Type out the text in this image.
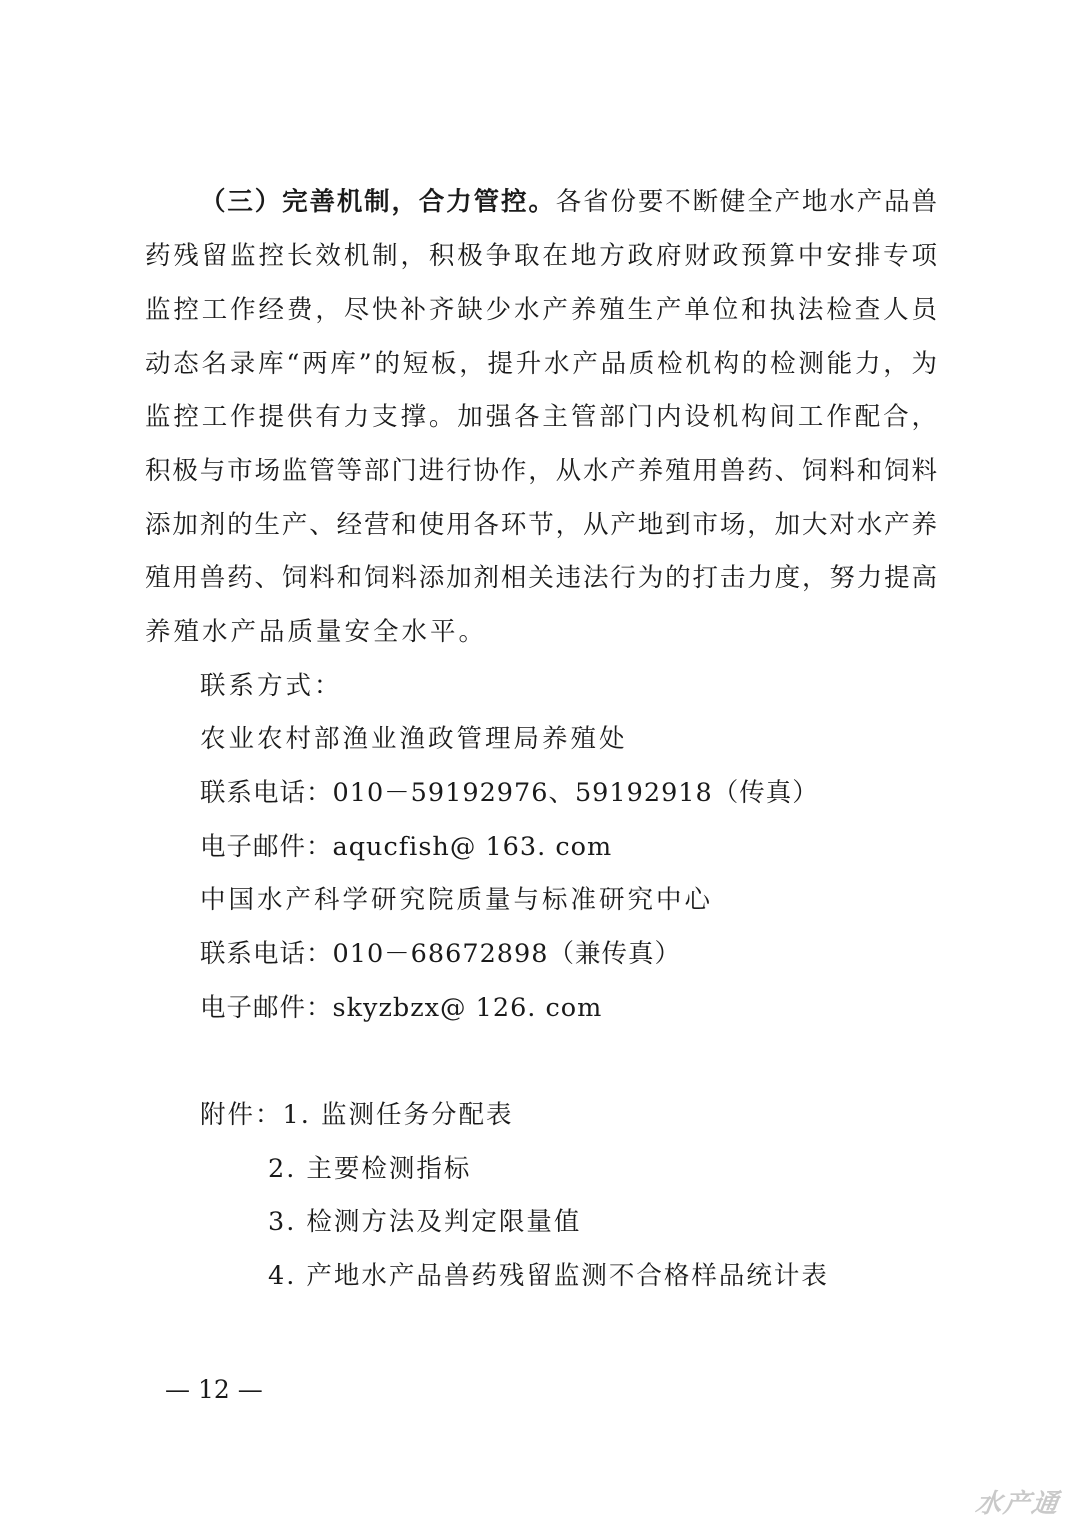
（三）完善机制，合力管控。各省份要不断健全产地水产品兽
药残留监控长效机制，积极争取在地方政府财政预算中安排专项
监控工作经费，尽快补齐缺少水产养殖生产单位和执法检查人员
动态名录库“两库”的短板，提升水产品质检机构的检测能力，为
监控工作提供有力支撑。加强各主管部门内设机构间工作配合，
积极与市场监管等部门进行协作，从水产养殖用兽药、饲料和饲料
添加剂的生产、经营和使用各环节，从产地到市场，加大对水产养
殖用兽药、饲料和饲料添加剂相关违法行为的打击力度，努力提高
养殖水产品质量安全水平。
联系方式：
农业农村部渔业渔政管理局养殖处
联系电话：010－59192976、59192918（传真）
电子邮件：aqucfish@ 163. com
中国水产科学研究院质量与标准研究中心
联系电话：010－68672898（兼传真）
电子邮件：skyzbzx@ 126. com
附件：1. 监测任务分配表
2. 主要检测指标
3. 检测方法及判定限量值
4. 产地水产品兽药残留监测不合格样品统计表
— 12 —
水产通
